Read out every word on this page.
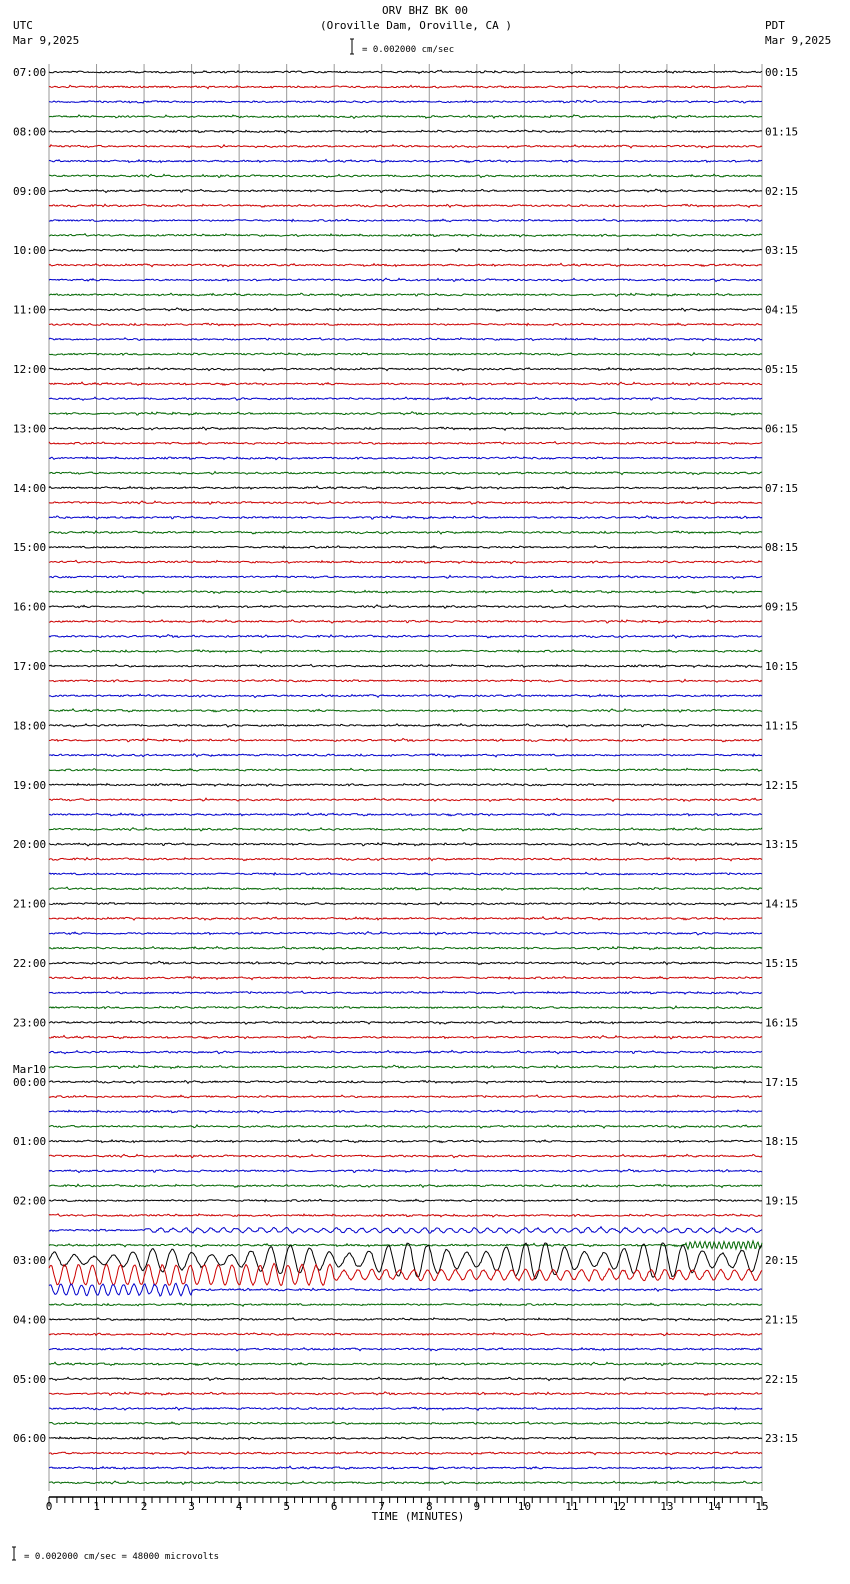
ORV BHZ BK 00
(Oroville Dam, Oroville, CA )
UTC
Mar 9,2025
PDT
Mar 9,2025
= 0.002000 cm/sec
07:00
08:00
09:00
10:00
11:00
12:00
13:00
14:00
15:00
16:00
17:00
18:00
19:00
20:00
21:00
22:00
23:00
00:00
Mar10
01:00
02:00
03:00
04:00
05:00
06:00
00:15
01:15
02:15
03:15
04:15
05:15
06:15
07:15
08:15
09:15
10:15
11:15
12:15
13:15
14:15
15:15
16:15
17:15
18:15
19:15
20:15
21:15
22:15
23:15
0	1	2	3	4	5	6	7	8	9	10	11	12	13	14	15
TIME (MINUTES)
= 0.002000 cm/sec = 48000 microvolts
